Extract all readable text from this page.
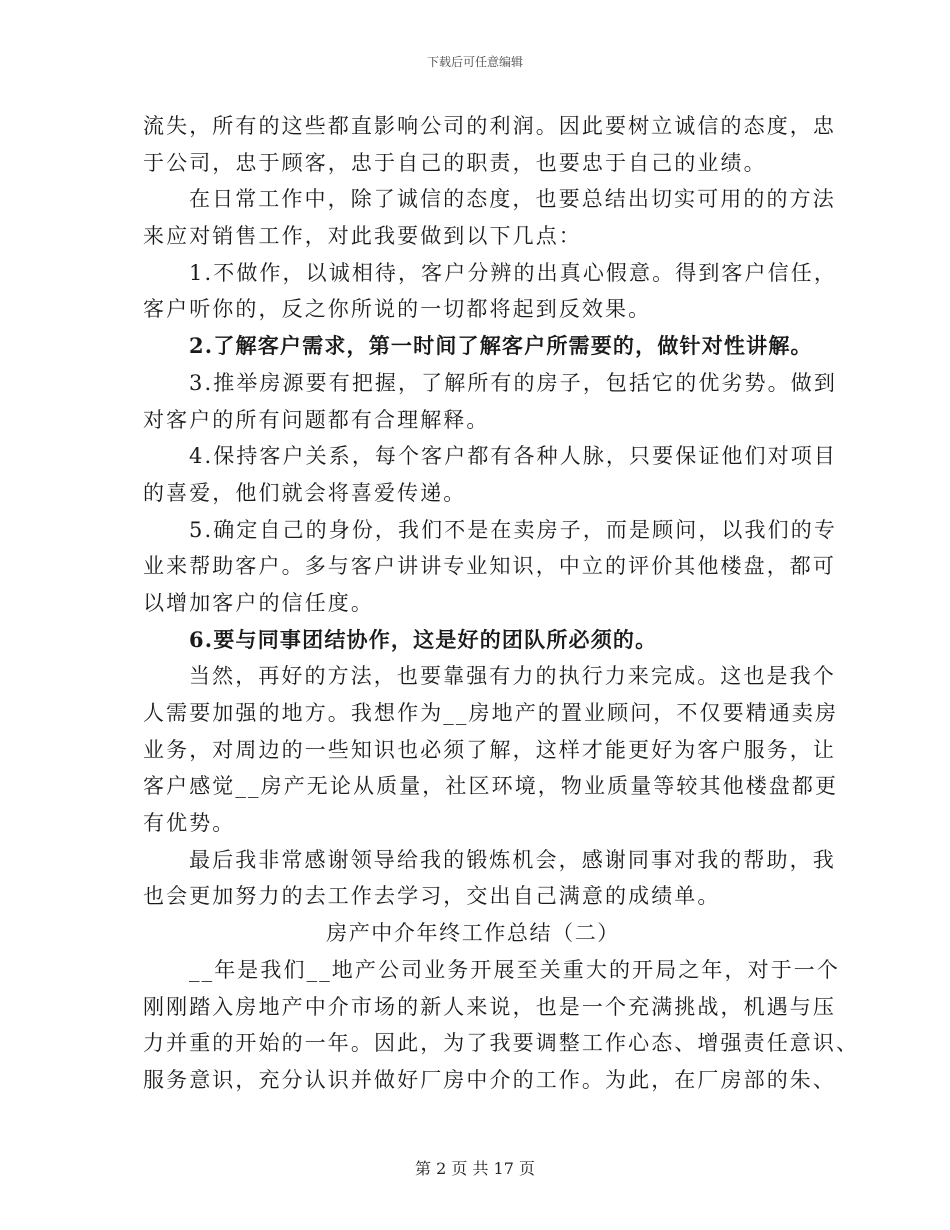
下载后可任意编辑
流失，所有的这些都直影响公司的利润。因此要树立诚信的态度，忠
于公司，忠于顾客，忠于自己的职责，也要忠于自己的业绩。
在日常工作中，除了诚信的态度，也要总结出切实可用的的方法
来应对销售工作，对此我要做到以下几点：
1.不做作，以诚相待，客户分辨的出真心假意。得到客户信任，
客户听你的，反之你所说的一切都将起到反效果。
2.了解客户需求，第一时间了解客户所需要的，做针对性讲解。
3.推举房源要有把握，了解所有的房子，包括它的优劣势。做到
对客户的所有问题都有合理解释。
4.保持客户关系，每个客户都有各种人脉，只要保证他们对项目
的喜爱，他们就会将喜爱传递。
5.确定自己的身份，我们不是在卖房子，而是顾问，以我们的专
业来帮助客户。多与客户讲讲专业知识，中立的评价其他楼盘，都可
以增加客户的信任度。
6.要与同事团结协作，这是好的团队所必须的。
当然，再好的方法，也要靠强有力的执行力来完成。这也是我个
人需要加强的地方。我想作为__房地产的置业顾问，不仅要精通卖房
业务，对周边的一些知识也必须了解，这样才能更好为客户服务，让
客户感觉__房产无论从质量，社区环境，物业质量等较其他楼盘都更
有优势。
最后我非常感谢领导给我的锻炼机会，感谢同事对我的帮助，我
也会更加努力的去工作去学习，交出自己满意的成绩单。
房产中介年终工作总结（二）
__年是我们__地产公司业务开展至关重大的开局之年，对于一个
刚刚踏入房地产中介市场的新人来说，也是一个充满挑战，机遇与压
力并重的开始的一年。因此，为了我要调整工作心态、增强责任意识、
服务意识，充分认识并做好厂房中介的工作。为此，在厂房部的朱、
第 2 页 共 17 页
